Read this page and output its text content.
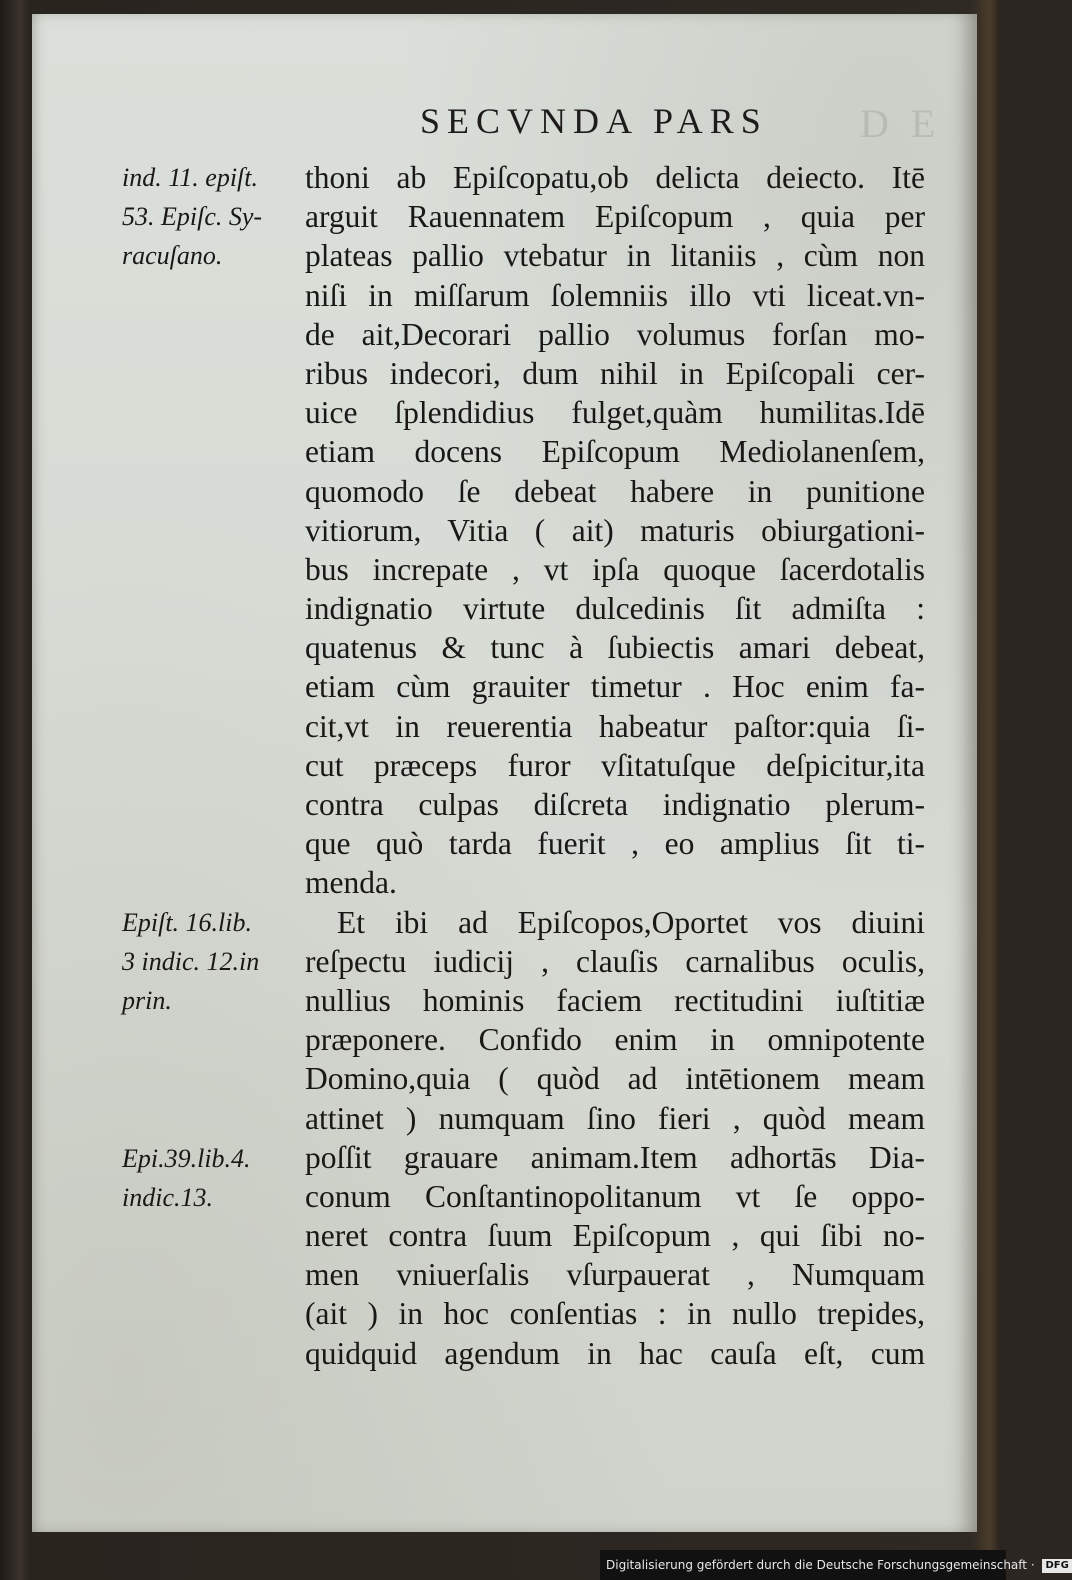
D E
SECVNDA PARS
thoni ab Epiſcopatu,ob delicta deiecto. Itē
arguit Rauennatem Epiſcopum , quia per
plateas pallio vtebatur in litaniis , cùm non
niſi in miſſarum ſolemniis illo vti liceat.vn-
de ait,Decorari pallio volumus forſan mo-
ribus indecori, dum nihil in Epiſcopali cer-
uice ſplendidius fulget,quàm humilitas.Idē
etiam docens Epiſcopum Mediolanenſem,
quomodo ſe debeat habere in punitione
vitiorum, Vitia ( ait) maturis obiurgationi-
bus increpate , vt ipſa quoque ſacerdotalis
indignatio virtute dulcedinis ſit admiſta :
quatenus & tunc à ſubiectis amari debeat,
etiam cùm grauiter timetur . Hoc enim fa-
cit,vt in reuerentia habeatur paſtor:quia ſi-
cut præceps furor vſitatuſque deſpicitur,ita
contra culpas diſcreta indignatio plerum-
que quò tarda fuerit , eo amplius ſit ti-
menda.
Et ibi ad Epiſcopos,Oportet vos diuini
reſpectu iudicij , clauſis carnalibus oculis,
nullius hominis faciem rectitudini iuſtitiæ
præponere. Confido enim in omnipotente
Domino,quia ( quòd ad intētionem meam
attinet ) numquam ſino fieri , quòd meam
poſſit grauare animam.Item adhortās Dia-
conum Conſtantinopolitanum vt ſe oppo-
neret contra ſuum Epiſcopum , qui ſibi no-
men vniuerſalis vſurpauerat , Numquam
(ait ) in hoc conſentias : in nullo trepides,
quidquid agendum in hac cauſa eſt, cum
ind. 11. epiſt.
53. Epiſc. Sy-
racuſano.
Epiſt. 16.lib.
3 indic. 12.in
prin.
Epi.39.lib.4.
indic.13.
Digitalisierung gefördert durch die Deutsche Forschungsgemeinschaft · DFG
